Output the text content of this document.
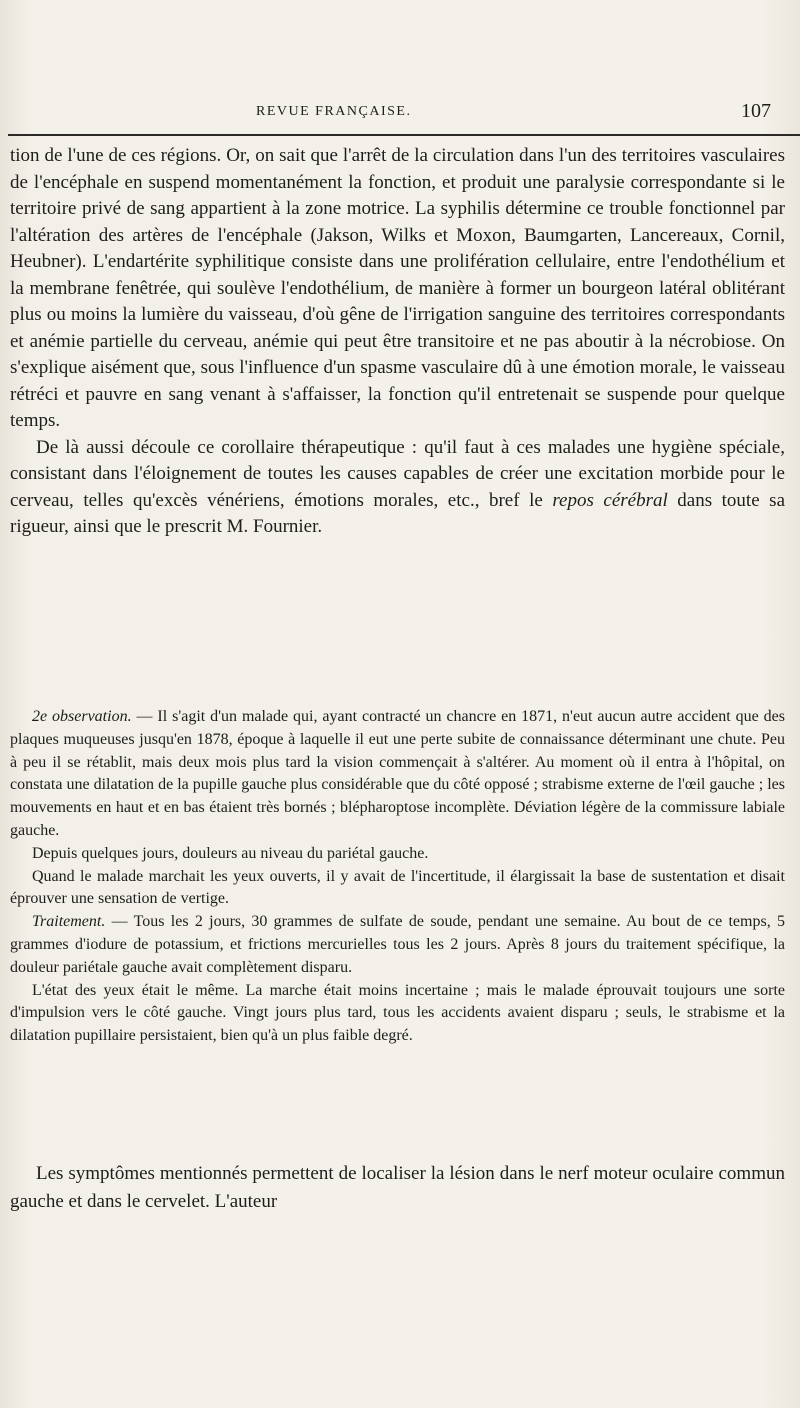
REVUE FRANÇAISE.	107

tion de l'une de ces régions. Or, on sait que l'arrêt de la circulation dans l'un des territoires vasculaires de l'encéphale en suspend momentanément la fonction, et produit une paralysie correspondante si le territoire privé de sang appartient à la zone motrice. La syphilis détermine ce trouble fonctionnel par l'altération des artères de l'encéphale (Jakson, Wilks et Moxon, Baumgarten, Lancereaux, Cornil, Heubner). L'endartérite syphilitique consiste dans une prolifération cellulaire, entre l'endothélium et la membrane fenêtrée, qui soulève l'endothélium, de manière à former un bourgeon latéral oblitérant plus ou moins la lumière du vaisseau, d'où gêne de l'irrigation sanguine des territoires correspondants et anémie partielle du cerveau, anémie qui peut être transitoire et ne pas aboutir à la nécrobiose. On s'explique aisément que, sous l'influence d'un spasme vasculaire dû à une émotion morale, le vaisseau rétréci et pauvre en sang venant à s'affaisser, la fonction qu'il entretenait se suspende pour quelque temps.

De là aussi découle ce corollaire thérapeutique : qu'il faut à ces malades une hygiène spéciale, consistant dans l'éloignement de toutes les causes capables de créer une excitation morbide pour le cerveau, telles qu'excès vénériens, émotions morales, etc., bref le repos cérébral dans toute sa rigueur, ainsi que le prescrit M. Fournier.

2e observation. — Il s'agit d'un malade qui, ayant contracté un chancre en 1871, n'eut aucun autre accident que des plaques muqueuses jusqu'en 1878, époque à laquelle il eut une perte subite de connaissance déterminant une chute. Peu à peu il se rétablit, mais deux mois plus tard la vision commençait à s'altérer. Au moment où il entra à l'hôpital, on constata une dilatation de la pupille gauche plus considérable que du côté opposé ; strabisme externe de l'œil gauche ; les mouvements en haut et en bas étaient très bornés ; blépharoptose incomplète. Déviation légère de la commissure labiale gauche.

Depuis quelques jours, douleurs au niveau du pariétal gauche.

Quand le malade marchait les yeux ouverts, il y avait de l'incertitude, il élargissait la base de sustentation et disait éprouver une sensation de vertige.

Traitement. — Tous les 2 jours, 30 grammes de sulfate de soude, pendant une semaine. Au bout de ce temps, 5 grammes d'iodure de potassium, et frictions mercurielles tous les 2 jours. Après 8 jours du traitement spécifique, la douleur pariétale gauche avait complètement disparu.

L'état des yeux était le même. La marche était moins incertaine ; mais le malade éprouvait toujours une sorte d'impulsion vers le côté gauche. Vingt jours plus tard, tous les accidents avaient disparu ; seuls, le strabisme et la dilatation pupillaire persistaient, bien qu'à un plus faible degré.

Les symptômes mentionnés permettent de localiser la lésion dans le nerf moteur oculaire commun gauche et dans le cervelet. L'auteur
